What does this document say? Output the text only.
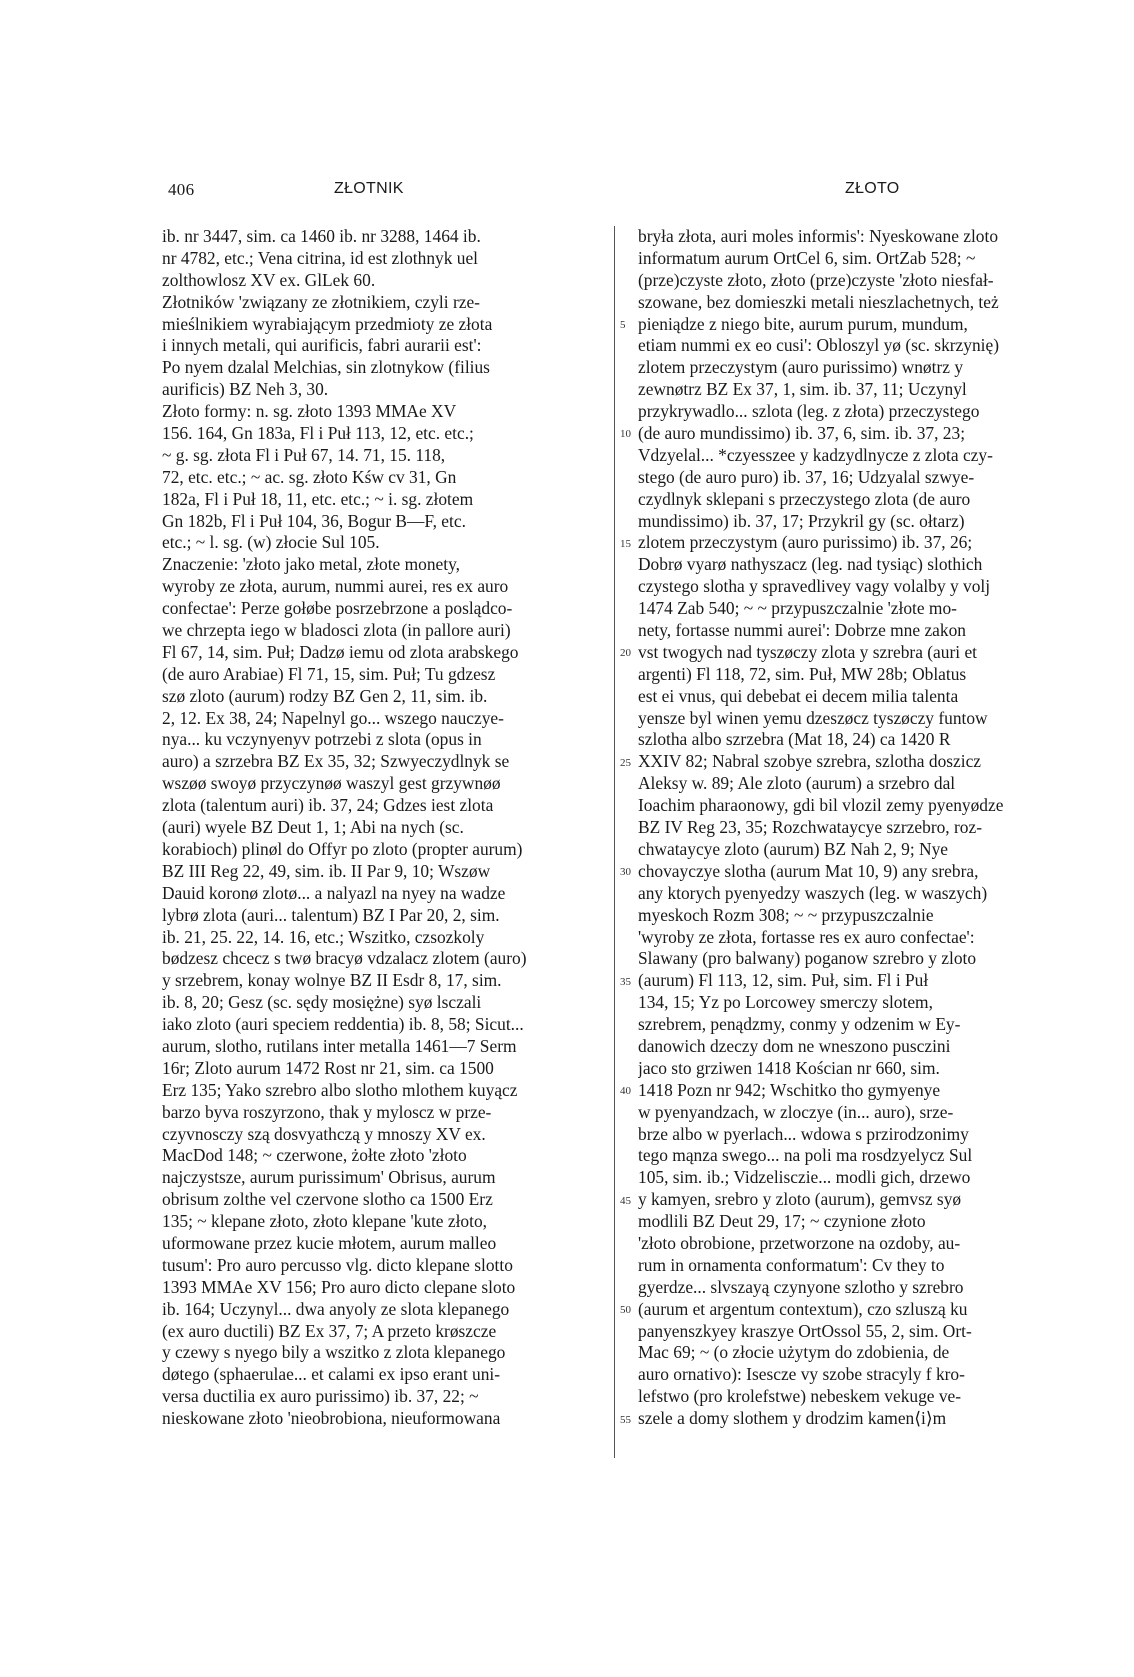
406	ZŁOTNIK	ZŁOTO
ib. nr 3447, sim. ca 1460 ib. nr 3288, 1464 ib.
nr 4782, etc.; Vena citrina, id est zlothnyk uel
zolthowlosz XV ex. GlLek 60.
Złotników 'związany ze złotnikiem, czyli rze-
mieślnikiem wyrabiającym przedmioty ze złota
i innych metali, qui aurificis, fabri aurarii est':
Po nyem dzalal Melchias, sin zlotnykow (filius
aurificis) BZ Neh 3, 30.
Złoto formy: n. sg. złoto 1393 MMAe XV
156. 164, Gn 183a, Fl i Puł 113, 12, etc. etc.;
~ g. sg. złota Fl i Puł 67, 14. 71, 15. 118,
72, etc. etc.; ~ ac. sg. złoto Kśw cv 31, Gn
182a, Fl i Puł 18, 11, etc. etc.; ~ i. sg. złotem
Gn 182b, Fl i Puł 104, 36, Bogur B—F, etc.
etc.; ~ l. sg. (w) złocie Sul 105.
Znaczenie: 'złoto jako metal, złote monety,
wyroby ze złota, aurum, nummi aurei, res ex auro
confectae': Perze gołøbe posrzebrzone a poslądco-
we chrzepta iego w bladosci zlota (in pallore auri)
Fl 67, 14, sim. Puł; Dadzø iemu od zlota arabskego
(de auro Arabiae) Fl 71, 15, sim. Puł; Tu gdzesz
szø zloto (aurum) rodzy BZ Gen 2, 11, sim. ib.
2, 12. Ex 38, 24; Napelnyl go... wszego nauczye-
nya... ku vczynyenyv potrzebi z slota (opus in
auro) a szrzebra BZ Ex 35, 32; Szwyeczydlnyk se
wszøø swoyø przyczynøø waszyl gest grzywnøø
zlota (talentum auri) ib. 37, 24; Gdzes iest zlota
(auri) wyele BZ Deut 1, 1; Abi na nych (sc.
korabioch) plinøl do Offyr po zloto (propter aurum)
BZ III Reg 22, 49, sim. ib. II Par 9, 10; Wszøw
Dauid koronø zlotø... a nalyazl na nyey na wadze
lybrø zlota (auri... talentum) BZ I Par 20, 2, sim.
ib. 21, 25. 22, 14. 16, etc.; Wszitko, czsozkoly
bødzesz chcecz s twø bracyø vdzalacz zlotem (auro)
y srzebrem, konay wolnye BZ II Esdr 8, 17, sim.
ib. 8, 20; Gesz (sc. sędy mosiężne) syø lsczali
iako zloto (auri speciem reddentia) ib. 8, 58; Sicut...
aurum, slotho, rutilans inter metalla 1461—7 Serm
16r; Zloto aurum 1472 Rost nr 21, sim. ca 1500
Erz 135; Yako szrebro albo slotho mlothem kuyącz
barzo byva roszyrzono, thak y myloscz w prze-
czyvnosczy szą dosvyathczą y mnoszy XV ex.
MacDod 148; ~ czerwone, żołte złoto 'złoto
najczystsze, aurum purissimum' Obrisus, aurum
obrisum zolthe vel czervone slotho ca 1500 Erz
135; ~ klepane złoto, złoto klepane 'kute złoto,
uformowane przez kucie młotem, aurum malleo
tusum': Pro auro percusso vlg. dicto klepane slotto
1393 MMAe XV 156; Pro auro dicto clepane sloto
ib. 164; Uczynyl... dwa anyoly ze slota klepanego
(ex auro ductili) BZ Ex 37, 7; A przeto krøszcze
y czewy s nyego bily a wszitko z zlota klepanego
døtego (sphaerulae... et calami ex ipso erant uni-
versa ductilia ex auro purissimo) ib. 37, 22; ~
nieskowane złoto 'nieobrobiona, nieuformowana
5
10
15
20
25
30
35
40
45
50
55
bryła złota, auri moles informis': Nyeskowane zloto
informatum aurum OrtCel 6, sim. OrtZab 528; ~
(prze)czyste złoto, złoto (prze)czyste 'złoto niesfał-
szowane, bez domieszki metali nieszlachetnych, też
pieniądze z niego bite, aurum purum, mundum,
etiam nummi ex eo cusi': Obloszyl yø (sc. skrzynię)
zlotem przeczystym (auro purissimo) wnøtrz y
zewnøtrz BZ Ex 37, 1, sim. ib. 37, 11; Uczynyl
przykrywadlo... szlota (leg. z złota) przeczystego
(de auro mundissimo) ib. 37, 6, sim. ib. 37, 23;
Vdzyelal... *czyesszee y kadzydlnycze z zlota czy-
stego (de auro puro) ib. 37, 16; Udzyalal szwye-
czydlnyk sklepani s przeczystego zlota (de auro
mundissimo) ib. 37, 17; Przykril gy (sc. ołtarz)
zlotem przeczystym (auro purissimo) ib. 37, 26;
Dobrø vyarø nathyszacz (leg. nad tysiąc) slothich
czystego slotha y spravedlivey vagy volalby y volj
1474 Zab 540; ~ ~ przypuszczalnie 'złote mo-
nety, fortasse nummi aurei': Dobrze mne zakon
vst twogych nad tyszøczy zlota y szrebra (auri et
argenti) Fl 118, 72, sim. Puł, MW 28b; Oblatus
est ei vnus, qui debebat ei decem milia talenta
yensze byl winen yemu dzeszøcz tyszøczy funtow
szlotha albo szrzebra (Mat 18, 24) ca 1420 R
XXIV 82; Nabral szobye szrebra, szlotha doszicz
Aleksy w. 89; Ale zloto (aurum) a srzebro dal
Ioachim pharaonowy, gdi bil vlozil zemy pyenyødze
BZ IV Reg 23, 35; Rozchwataycye szrzebro, roz-
chwataycye zloto (aurum) BZ Nah 2, 9; Nye
chovayczye slotha (aurum Mat 10, 9) any srebra,
any ktorych pyenyedzy waszych (leg. w waszych)
myeskoch Rozm 308; ~ ~ przypuszczalnie
'wyroby ze złota, fortasse res ex auro confectae':
Slawany (pro balwany) poganow szrebro y zloto
(aurum) Fl 113, 12, sim. Puł, sim. Fl i Puł
134, 15; Yz po Lorcowey smerczy slotem,
szrebrem, penądzmy, conmy y odzenim w Ey-
danowich dzeczy dom ne wneszono pusczini
jaco sto grziwen 1418 Kościan nr 660, sim.
1418 Pozn nr 942; Wschitko tho gymyenye
w pyenyandzach, w zloczye (in... auro), srze-
brze albo w pyerlach... wdowa s przirodzonimy
tego mąnza swego... na poli ma rosdzyelycz Sul
105, sim. ib.; Vidzelisczie... modli gich, drzewo
y kamyen, srebro y zloto (aurum), gemvsz syø
modlili BZ Deut 29, 17; ~ czynione złoto
'złoto obrobione, przetworzone na ozdoby, au-
rum in ornamenta conformatum': Cv they to
gyerdze... slvszayą czynyone szlotho y szrebro
(aurum et argentum contextum), czo szluszą ku
panyenszkyey kraszye OrtOssol 55, 2, sim. Ort-
Mac 69; ~ (o złocie użytym do zdobienia, de
auro ornativo): Isescze vy szobe stracyly f kro-
lefstwo (pro krolefstwe) nebeskem vekuge ve-
szele a domy slothem y drodzim kamen⟨i⟩m
